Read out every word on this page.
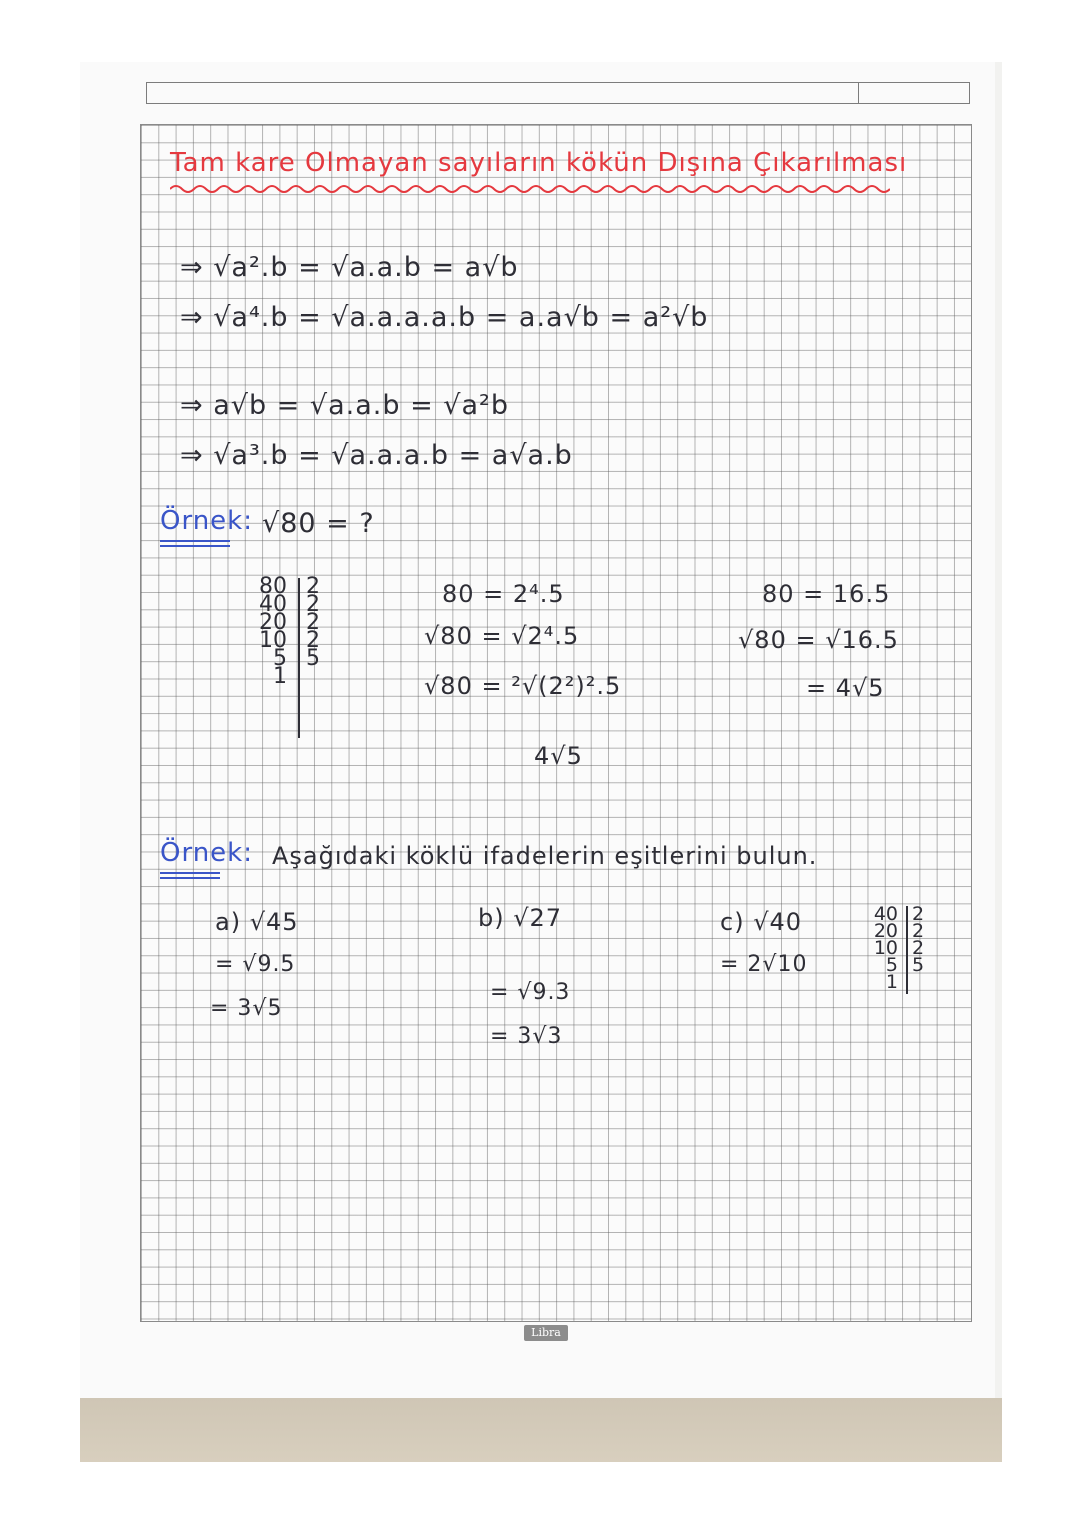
Tam kare Olmayan sayıların kökün Dışına Çıkarılması
⇒ √a².b = √a.a.b = a√b
⇒ √a⁴.b = √a.a.a.a.b = a.a√b = a²√b
⇒ a√b = √a.a.b = √a²b
⇒ √a³.b = √a.a.a.b = a√a.b
Örnek: √80 = ?
80
40
20
10
5
1
2
2
2
2
5
80 = 2⁴.5
√80 = √2⁴.5
√80 = ²√(2²)².5
4√5
80 = 16.5
√80 = √16.5
= 4√5
Örnek: Aşağıdaki köklü ifadelerin eşitlerini bulun.
a) √45
= √9.5
= 3√5
b) √27
= √9.3
= 3√3
c) √40
= 2√10
40
20
10
5
1
2
2
2
5
Libra
